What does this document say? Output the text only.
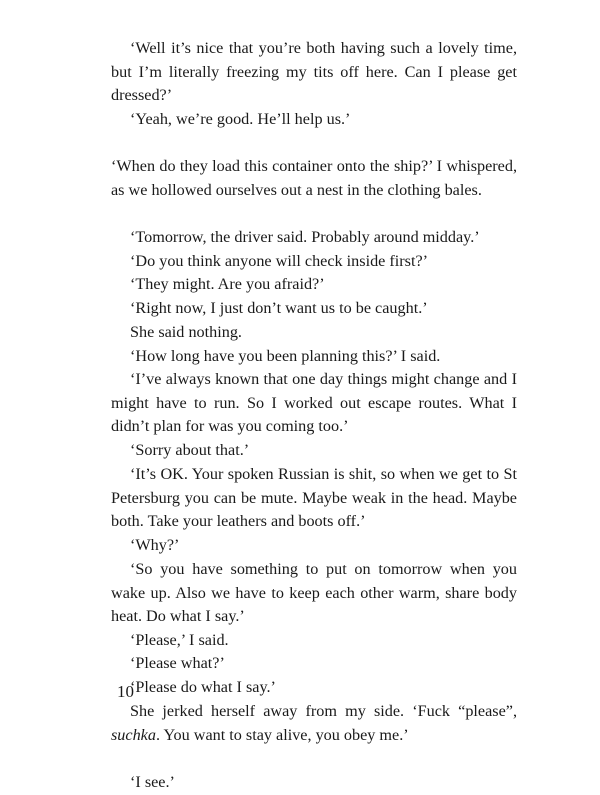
‘Well it’s nice that you’re both having such a lovely time, but I’m literally freezing my tits off here. Can I please get dressed?’

‘Yeah, we’re good. He’ll help us.’

‘When do they load this container onto the ship?’ I whispered, as we hollowed ourselves out a nest in the clothing bales.

‘Tomorrow, the driver said. Probably around midday.’

‘Do you think anyone will check inside first?’

‘They might. Are you afraid?’

‘Right now, I just don’t want us to be caught.’

She said nothing.

‘How long have you been planning this?’ I said.

‘I’ve always known that one day things might change and I might have to run. So I worked out escape routes. What I didn’t plan for was you coming too.’

‘Sorry about that.’

‘It’s OK. Your spoken Russian is shit, so when we get to St Petersburg you can be mute. Maybe weak in the head. Maybe both. Take your leathers and boots off.’

‘Why?’

‘So you have something to put on tomorrow when you wake up. Also we have to keep each other warm, share body heat. Do what I say.’

‘Please,’ I said.

‘Please what?’

‘Please do what I say.’

She jerked herself away from my side. ‘Fuck “please”, suchka. You want to stay alive, you obey me.’

‘I see.’

10
